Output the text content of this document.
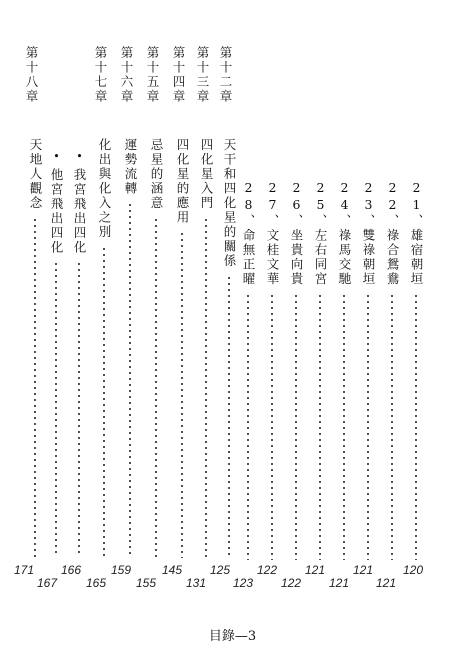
第十二章
第十三章
第十四章
第十五章
第十六章
第十七章
第十八章
21、雄宿朝垣
22、祿合鴛鴦
23、雙祿朝垣
24、祿馬交馳
25、左右同宮
26、坐貴向貴
27、文桂文華
28、命無正曜
天干和四化星的關係
四化星入門
四化星的應用
忌星的涵意
運勢流轉
化出與化入之別
•
我宮飛出四化
•
他宮飛出四化
天地人觀念
120
121
121
121
121
122
122
123
125
131
145
155
159
165
166
167
171
目錄—3
